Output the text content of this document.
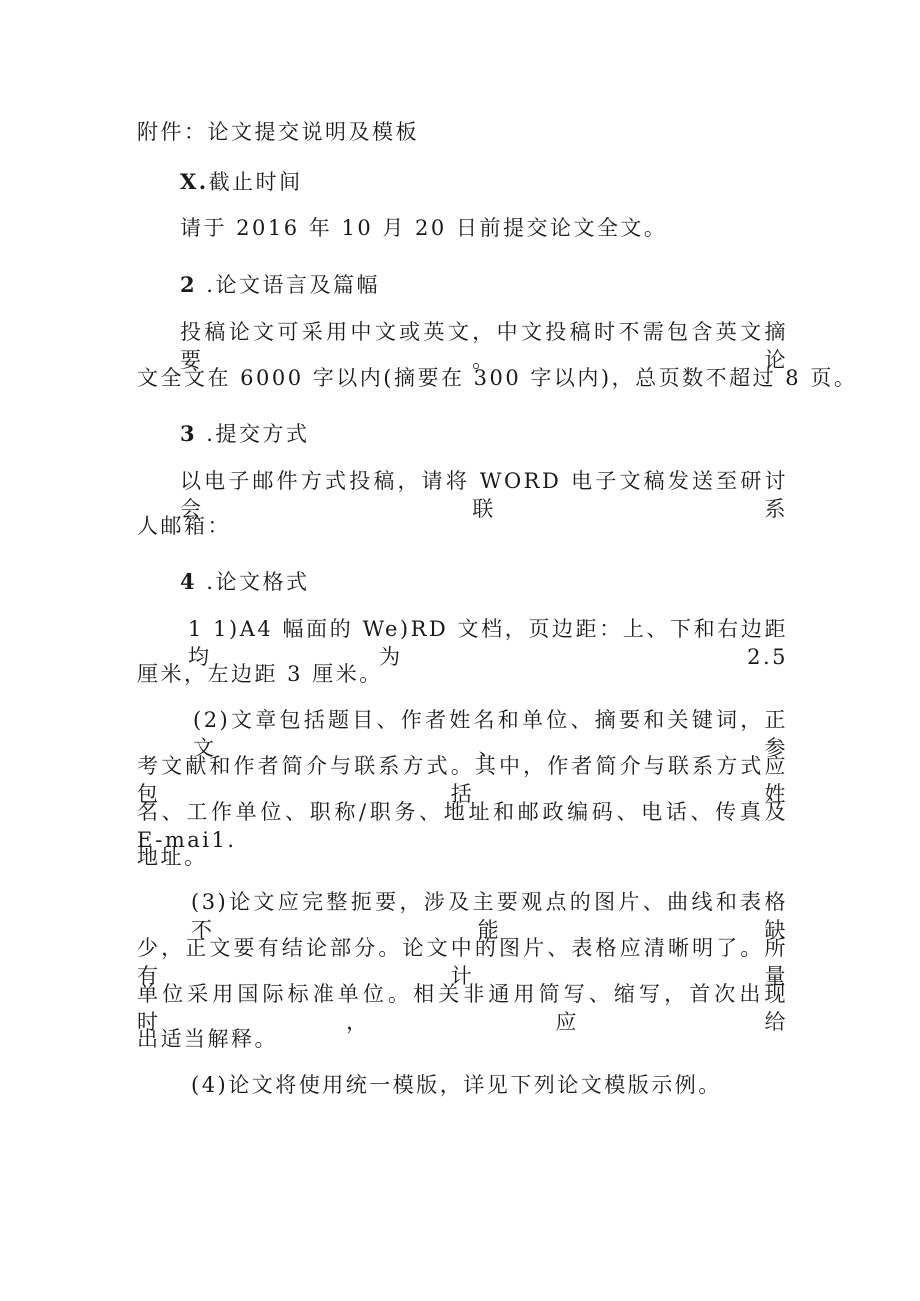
附件：论文提交说明及模板
X.截止时间
请于 2016 年 10 月 20 日前提交论文全文。
2 .论文语言及篇幅
投稿论文可采用中文或英文，中文投稿时不需包含英文摘要。论
文全文在 6000 字以内(摘要在 300 字以内)，总页数不超过 8 页。
3 .提交方式
以电子邮件方式投稿，请将 WORD 电子文稿发送至研讨会联系
人邮箱：
4 .论文格式
1 1)A4 幅面的 We)RD 文档，页边距：上、下和右边距均为 2.5
厘米，左边距 3 厘米。
(2)文章包括题目、作者姓名和单位、摘要和关键词，正文、参
考文献和作者简介与联系方式。其中，作者简介与联系方式应包括姓
名、工作单位、职称/职务、地址和邮政编码、电话、传真及 E-mai1.
地址。
(3)论文应完整扼要，涉及主要观点的图片、曲线和表格不能缺
少，正文要有结论部分。论文中的图片、表格应清晰明了。所有计量
单位采用国际标准单位。相关非通用简写、缩写，首次出现时，应给
出适当解释。
(4)论文将使用统一模版，详见下列论文模版示例。
